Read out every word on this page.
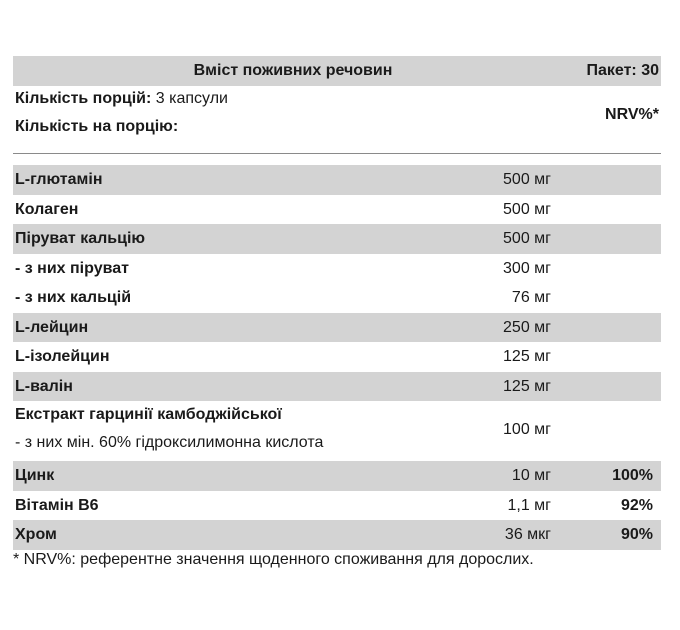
Вміст поживних речовин	Пакет: 30
Кількість порцій: 3 капсули
Кількість на порцію:
NRV%*
L-глютамін	500 мг
Колаген	500 мг
Піруват кальцію	500 мг
- з них піруват	300 мг
- з них кальцій	76 мг
L-лейцин	250 мг
L-ізолейцин	125 мг
L-валін	125 мг
Екстракт гарцинії камбоджійської
- з них мін. 60% гідроксилимонна кислота
100 мг
Цинк	10 мг	100%
Вітамін B6	1,1 мг	92%
Хром	36 мкг	90%
* NRV%: референтне значення щоденного споживання для дорослих.
